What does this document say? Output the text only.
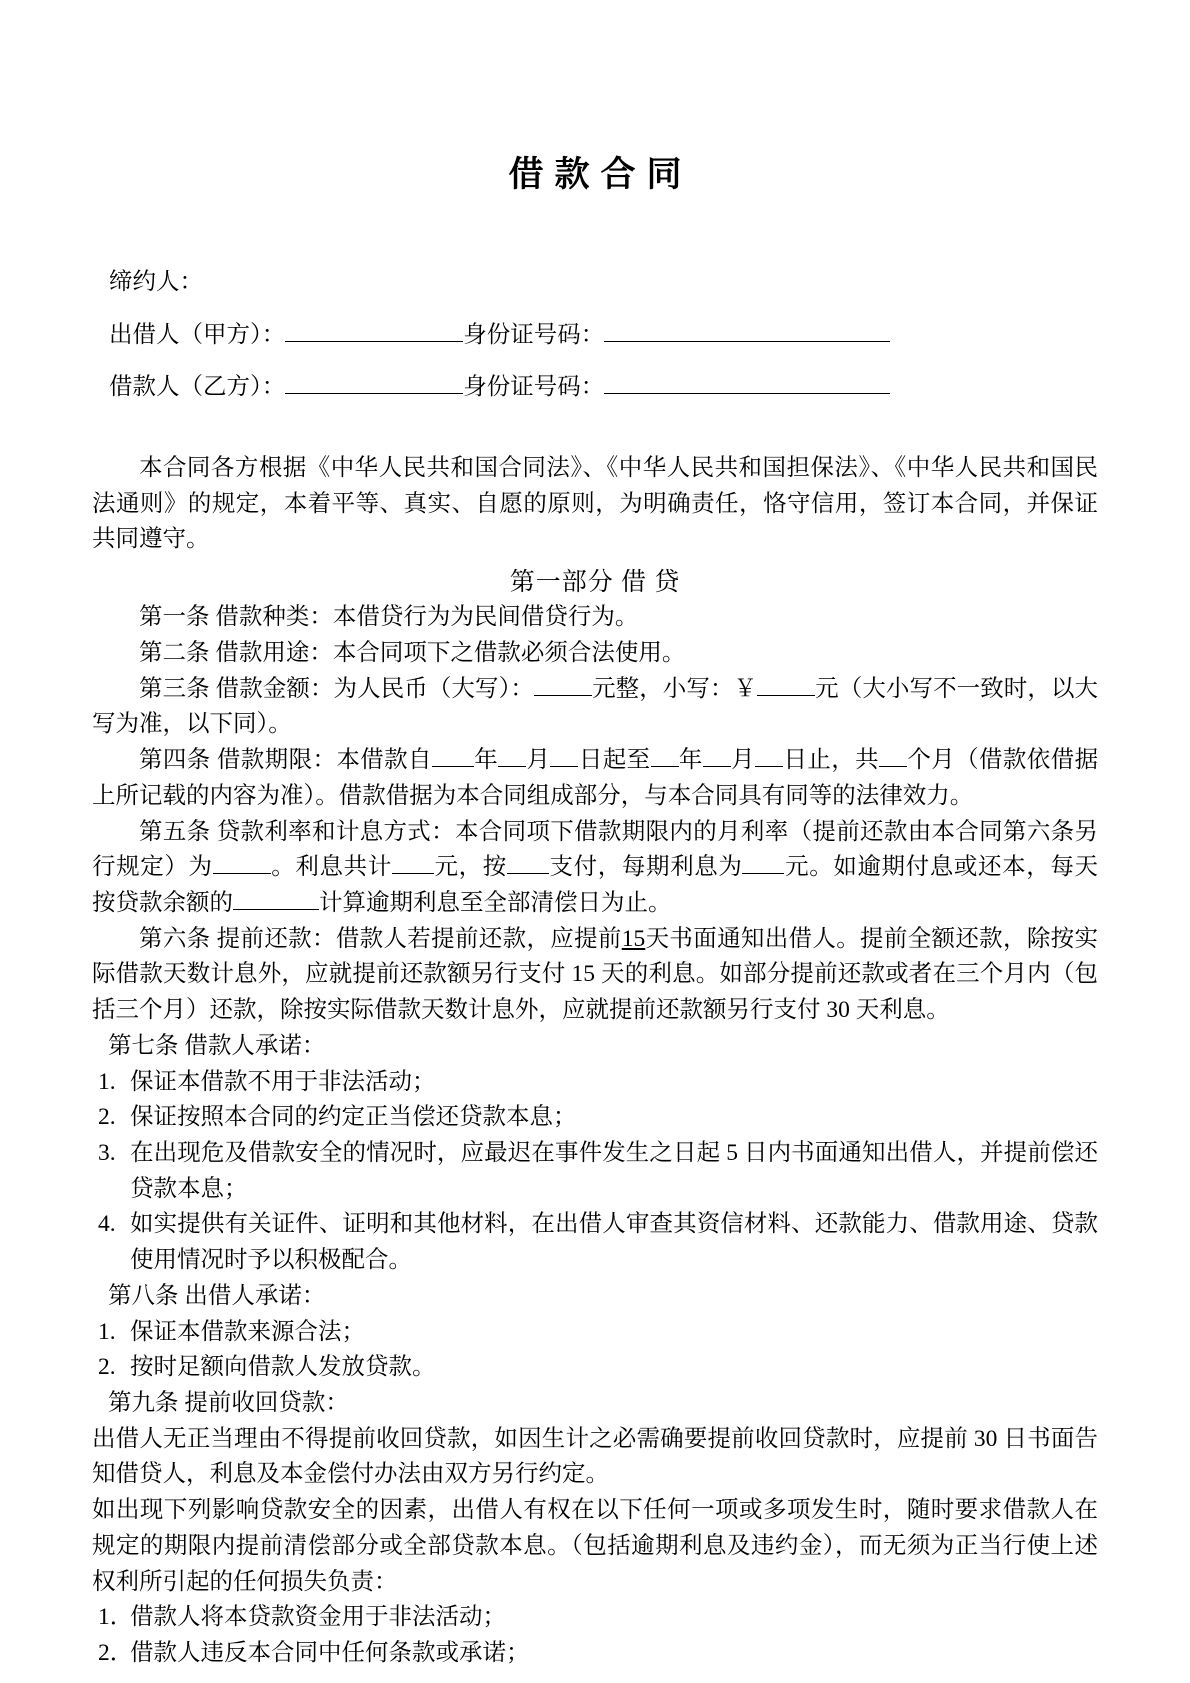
借款合同
缔约人：
出借人（甲方）：	身份证号码：
借款人（乙方）：	身份证号码：

本合同各方根据《中华人民共和国合同法》、《中华人民共和国担保法》、《中华人民共和国民法通则》的规定，本着平等、真实、自愿的原则，为明确责任，恪守信用，签订本合同，并保证共同遵守。

第一部分 借 贷

第一条 借款种类：本借贷行为为民间借贷行为。

第二条 借款用途：本合同项下之借款必须合法使用。

第三条 借款金额：为人民币（大写）： 元整，小写：￥ 元（大小写不一致时，以大写为准，以下同）。

第四条 借款期限：本借款自 年 月 日起至 年 月 日止，共 个月（借款依借据上所记载的内容为准）。借款借据为本合同组成部分，与本合同具有同等的法律效力。

第五条 贷款利率和计息方式：本合同项下借款期限内的月利率（提前还款由本合同第六条另行规定）为 。利息共计 元，按 支付，每期利息为 元。如逾期付息或还本，每天按贷款余额的	计算逾期利息至全部清偿日为止。

第六条 提前还款：借款人若提前还款，应提前15天书面通知出借人。提前全额还款，除按实际借款天数计息外，应就提前还款额另行支付 15 天的利息。如部分提前还款或者在三个月内（包括三个月）还款，除按实际借款天数计息外，应就提前还款额另行支付 30 天利息。

第七条 借款人承诺：

1. 保证本借款不用于非法活动；
2. 保证按照本合同的约定正当偿还贷款本息；
3. 在出现危及借款安全的情况时，应最迟在事件发生之日起 5 日内书面通知出借人，并提前偿还贷款本息；
4. 如实提供有关证件、证明和其他材料，在出借人审查其资信材料、还款能力、借款用途、贷款使用情况时予以积极配合。

第八条 出借人承诺：

1. 保证本借款来源合法；
2. 按时足额向借款人发放贷款。

第九条 提前收回贷款：

出借人无正当理由不得提前收回贷款，如因生计之必需确要提前收回贷款时，应提前 30 日书面告知借贷人，利息及本金偿付办法由双方另行约定。

如出现下列影响贷款安全的因素，出借人有权在以下任何一项或多项发生时，随时要求借款人在规定的期限内提前清偿部分或全部贷款本息。（包括逾期利息及违约金），而无须为正当行使上述权利所引起的任何损失负责：

1．
借款人将本贷款资金用于非法活动；
2．
借款人违反本合同中任何条款或承诺；
